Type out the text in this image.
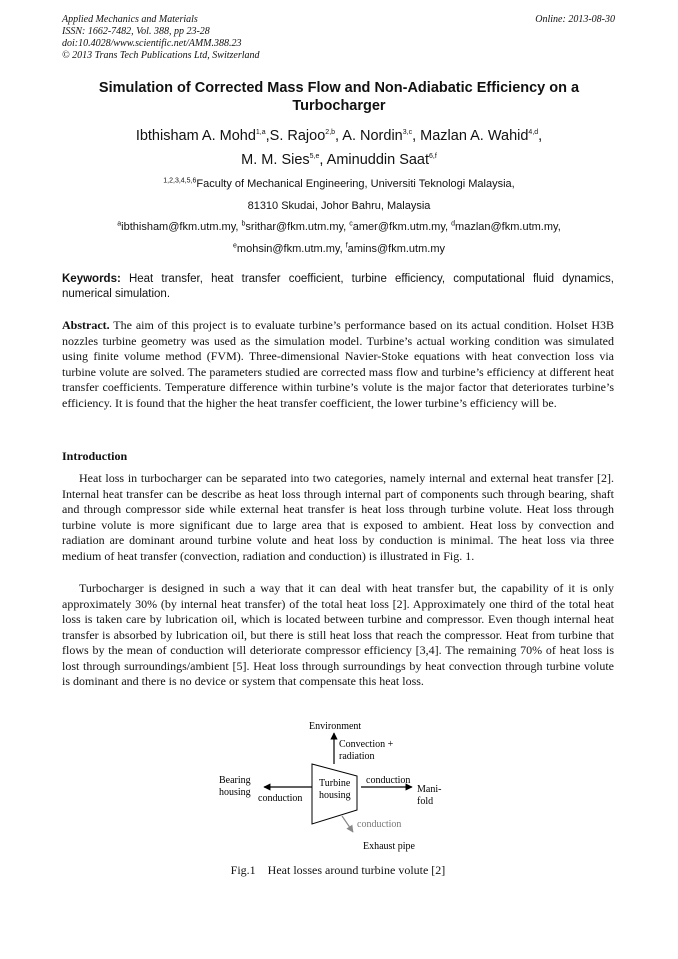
Applied Mechanics and Materials
ISSN: 1662-7482, Vol. 388, pp 23-28
doi:10.4028/www.scientific.net/AMM.388.23
© 2013 Trans Tech Publications Ltd, Switzerland
Online: 2013-08-30
Simulation of Corrected Mass Flow and Non-Adiabatic Efficiency on a
Turbocharger
Ibthisham A. Mohd$^{1,a}$,S. Rajoo$^{2,b}$, A. Nordin$^{3,c}$, Mazlan A. Wahid$^{4,d}$,
M. M. Sies$^{5,e}$, Aminuddin Saat$^{6,f}$
$^{1,2,3,4,5,6}$Faculty of Mechanical Engineering, Universiti Teknologi Malaysia,
81310 Skudai, Johor Bahru, Malaysia
$^a$ibthisham@fkm.utm.my, $^b$srithar@fkm.utm.my, $^c$amer@fkm.utm.my, $^d$mazlan@fkm.utm.my,
$^e$mohsin@fkm.utm.my, $^f$amins@fkm.utm.my
Keywords: Heat transfer, heat transfer coefficient, turbine efficiency, computational fluid dynamics, numerical simulation.
Abstract. The aim of this project is to evaluate turbine’s performance based on its actual condition. Holset H3B nozzles turbine geometry was used as the simulation model. Turbine’s actual working condition was simulated using finite volume method (FVM). Three-dimensional Navier-Stoke equations with heat convection loss via turbine volute are solved. The parameters studied are corrected mass flow and turbine’s efficiency at different heat transfer coefficients. Temperature difference within turbine’s volute is the major factor that deteriorates turbine’s efficiency. It is found that the higher the heat transfer coefficient, the lower turbine’s efficiency will be.
Introduction
Heat loss in turbocharger can be separated into two categories, namely internal and external heat transfer [2]. Internal heat transfer can be describe as heat loss through internal part of components such through bearing, shaft and through compressor side while external heat transfer is heat loss through turbine volute. Heat loss through turbine volute is more significant due to large area that is exposed to ambient. Heat loss by convection and radiation are dominant around turbine volute and heat loss by conduction is minimal. The heat loss via three medium of heat transfer (convection, radiation and conduction) is illustrated in Fig. 1.
Turbocharger is designed in such a way that it can deal with heat transfer but, the capability of it is only approximately 30% (by internal heat transfer) of the total heat loss [2]. Approximately one third of the total heat loss is taken care by lubrication oil, which is located between turbine and compressor. Even though internal heat transfer is absorbed by lubrication oil, but there is still heat loss that reach the compressor. Heat from turbine that flows by the mean of conduction will deteriorate compressor efficiency [3,4]. The remaining 70% of heat loss is lost through surroundings/ambient [5]. Heat loss through surroundings by heat convection through turbine volute is dominant and there is no device or system that compensate this heat loss.
Environment
Convection +
radiation
Turbine
housing
Bearing
housing
conduction
conduction
Mani-
fold
conduction
Exhaust pipe
Fig.1    Heat losses around turbine volute [2]
